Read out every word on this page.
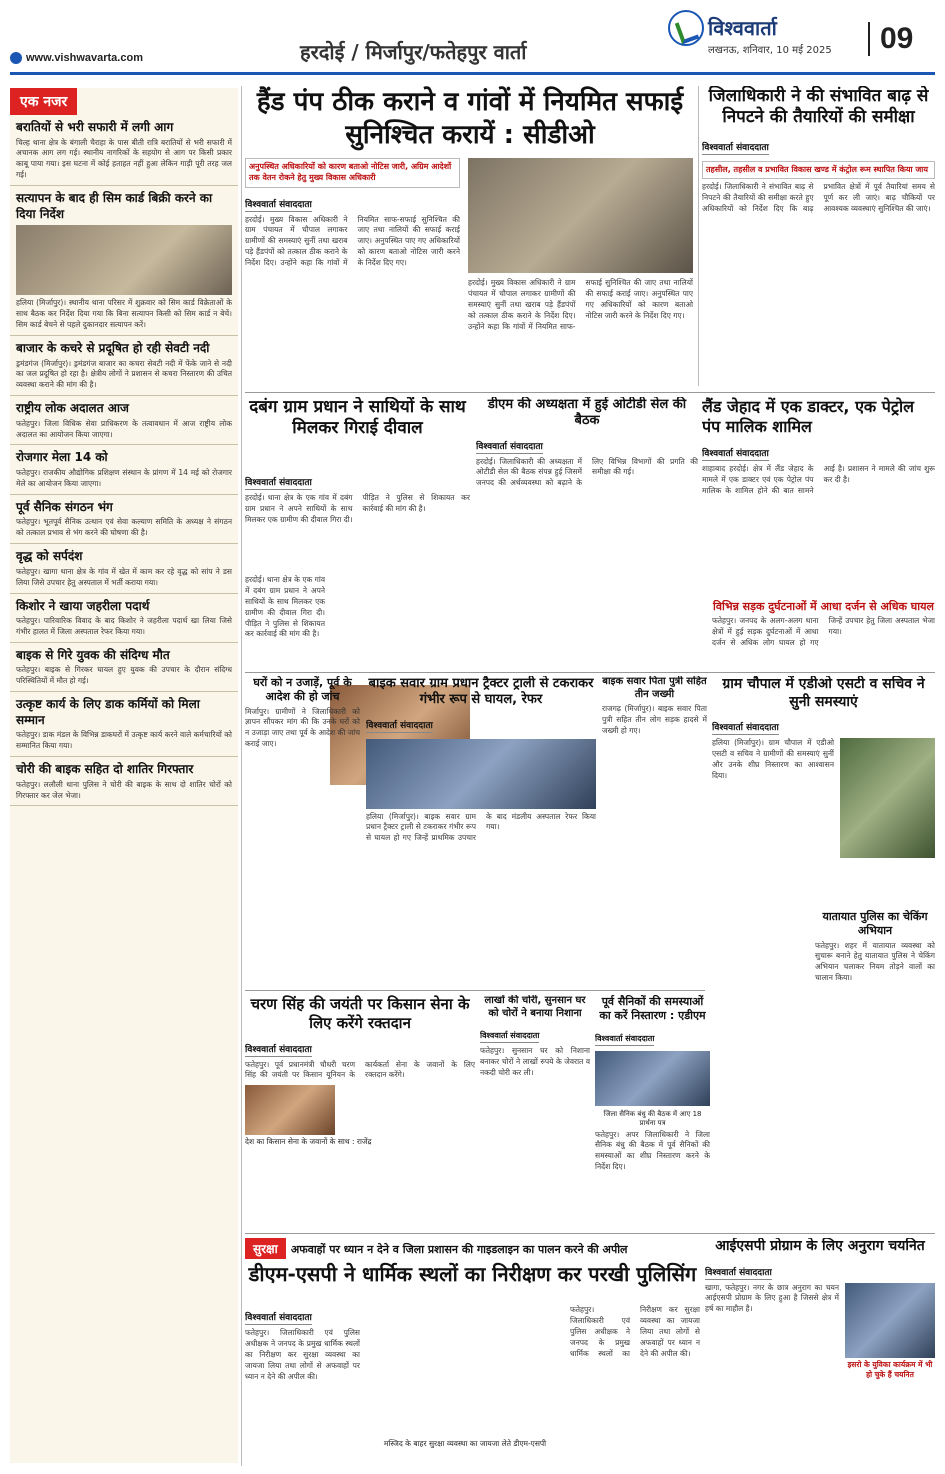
www.vishwavarta.com	हरदोई / मिर्जापुर/फतेहपुर वार्ता
विश्ववार्ता
लखनऊ, शनिवार, 10 मई 2025	09
एक नजर
बरातियों से भरी सफारी में लगी आग
चिल्ह थाना क्षेत्र के बंगाली चैराहा के पास बीती रात्रि बरातियों से भरी सफारी में अचानक आग लग गई। स्थानीय नागरिकों के सहयोग से आग पर किसी प्रकार काबू पाया गया। इस घटना में कोई हताहत नहीं हुआ लेकिन गाड़ी पूरी तरह जल गई।
सत्यापन के बाद ही सिम कार्ड बिक्री करने का दिया निर्देश
हलिया (मिर्जापुर)। स्थानीय थाना परिसर में शुक्रवार को सिम कार्ड विक्रेताओं के साथ बैठक कर निर्देश दिया गया कि बिना सत्यापन किसी को सिम कार्ड न बेचें। सिम कार्ड बेचने से पहले दुकानदार सत्यापन करें।
बाजार के कचरे से प्रदूषित हो रही सेवटी नदी
ड्रमंडगंज (मिर्जापुर)। ड्रमंडगंज बाजार का कचरा सेवटी नदी में फेंके जाने से नदी का जल प्रदूषित हो रहा है। क्षेत्रीय लोगों ने प्रशासन से कचरा निस्तारण की उचित व्यवस्था कराने की मांग की है।
राष्ट्रीय लोक अदालत आज
फतेहपुर। जिला विधिक सेवा प्राधिकरण के तत्वावधान में आज राष्ट्रीय लोक अदालत का आयोजन किया जाएगा।
रोजगार मेला 14 को
फतेहपुर। राजकीय औद्योगिक प्रशिक्षण संस्थान के प्रांगण में 14 मई को रोजगार मेले का आयोजन किया जाएगा।
पूर्व सैनिक संगठन भंग
फतेहपुर। भूतपूर्व सैनिक उत्थान एवं सेवा कल्याण समिति के अध्यक्ष ने संगठन को तत्काल प्रभाव से भंग करने की घोषणा की है।
वृद्ध को सर्पदंश
फतेहपुर। खागा थाना क्षेत्र के गांव में खेत में काम कर रहे वृद्ध को सांप ने डस लिया जिसे उपचार हेतु अस्पताल में भर्ती कराया गया।
किशोर ने खाया जहरीला पदार्थ
फतेहपुर। पारिवारिक विवाद के बाद किशोर ने जहरीला पदार्थ खा लिया जिसे गंभीर हालत में जिला अस्पताल रेफर किया गया।
बाइक से गिरे युवक की संदिग्ध मौत
फतेहपुर। बाइक से गिरकर घायल हुए युवक की उपचार के दौरान संदिग्ध परिस्थितियों में मौत हो गई।
उत्कृष्ट कार्य के लिए डाक कर्मियों को मिला सम्मान
फतेहपुर। डाक मंडल के विभिन्न डाकघरों में उत्कृष्ट कार्य करने वाले कर्मचारियों को सम्मानित किया गया।
चोरी की बाइक सहित दो शातिर गिरफ्तार
फतेहपुर। ललौली थाना पुलिस ने चोरी की बाइक के साथ दो शातिर चोरों को गिरफ्तार कर जेल भेजा।
हैंड पंप ठीक कराने व गांवों में नियमित सफाई सुनिश्चित करायें : सीडीओ
अनुपस्थित अधिकारियों को कारण बताओ नोटिस जारी, अग्रिम आदेशों तक वेतन रोकने हेतु मुख्य विकास अधिकारी
विश्ववार्ता संवाददाता
हरदोई। मुख्य विकास अधिकारी ने ग्राम पंचायत में चौपाल लगाकर ग्रामीणों की समस्याएं सुनीं तथा खराब पड़े हैंडपंपों को तत्काल ठीक कराने के निर्देश दिए। उन्होंने कहा कि गांवों में नियमित साफ-सफाई सुनिश्चित की जाए तथा नालियों की सफाई कराई जाए। अनुपस्थित पाए गए अधिकारियों को कारण बताओ नोटिस जारी करने के निर्देश दिए गए।
हरदोई। मुख्य विकास अधिकारी ने ग्राम पंचायत में चौपाल लगाकर ग्रामीणों की समस्याएं सुनीं तथा खराब पड़े हैंडपंपों को तत्काल ठीक कराने के निर्देश दिए। उन्होंने कहा कि गांवों में नियमित साफ-सफाई सुनिश्चित की जाए तथा नालियों की सफाई कराई जाए। अनुपस्थित पाए गए अधिकारियों को कारण बताओ नोटिस जारी करने के निर्देश दिए गए।
जिलाधिकारी ने की संभावित बाढ़ से निपटने की तैयारियों की समीक्षा
विश्ववार्ता संवाददाता
तहसील, तहसील व प्रभावित विकास खण्ड में कंट्रोल रूम स्थापित किया जाय
हरदोई। जिलाधिकारी ने संभावित बाढ़ से निपटने की तैयारियों की समीक्षा करते हुए अधिकारियों को निर्देश दिए कि बाढ़ प्रभावित क्षेत्रों में पूर्व तैयारियां समय से पूर्ण कर ली जाएं। बाढ़ चौकियों पर आवश्यक व्यवस्थाएं सुनिश्चित की जाएं।
दबंग ग्राम प्रधान ने साथियों के साथ मिलकर गिराई दीवाल
विश्ववार्ता संवाददाता
हरदोई। थाना क्षेत्र के एक गांव में दबंग ग्राम प्रधान ने अपने साथियों के साथ मिलकर एक ग्रामीण की दीवाल गिरा दी। पीड़ित ने पुलिस से शिकायत कर कार्रवाई की मांग की है।
हरदोई। थाना क्षेत्र के एक गांव में दबंग ग्राम प्रधान ने अपने साथियों के साथ मिलकर एक ग्रामीण की दीवाल गिरा दी। पीड़ित ने पुलिस से शिकायत कर कार्रवाई की मांग की है।
डीएम की अध्यक्षता में हुई ओटीडी सेल की बैठक
विश्ववार्ता संवाददाता
हरदोई। जिलाधिकारी की अध्यक्षता में ओटीडी सेल की बैठक संपन्न हुई जिसमें जनपद की अर्थव्यवस्था को बढ़ाने के लिए विभिन्न विभागों की प्रगति की समीक्षा की गई।
लैंड जेहाद में एक डाक्टर, एक पेट्रोल पंप मालिक शामिल
विश्ववार्ता संवाददाता
शाहाबाद हरदोई। क्षेत्र में लैंड जेहाद के मामले में एक डाक्टर एवं एक पेट्रोल पंप मालिक के शामिल होने की बात सामने आई है। प्रशासन ने मामले की जांच शुरू कर दी है।
घरों को न उजाड़ें, पूर्व के आदेश की हो जांच
मिर्जापुर। ग्रामीणों ने जिलाधिकारी को ज्ञापन सौंपकर मांग की कि उनके घरों को न उजाड़ा जाए तथा पूर्व के आदेश की जांच कराई जाए।
बाइक सवार ग्राम प्रधान ट्रैक्टर ट्राली से टकराकर गंभीर रूप से घायल, रेफर
विश्ववार्ता संवाददाता
हलिया (मिर्जापुर)। बाइक सवार ग्राम प्रधान ट्रैक्टर ट्राली से टकराकर गंभीर रूप से घायल हो गए जिन्हें प्राथमिक उपचार के बाद मंडलीय अस्पताल रेफर किया गया।
बाइक सवार पिता पुत्री सहित तीन जख्मी
राजगढ़ (मिर्जापुर)। बाइक सवार पिता पुत्री सहित तीन लोग सड़क हादसे में जख्मी हो गए।
विभिन्न सड़क दुर्घटनाओं में आधा दर्जन से अधिक घायल
फतेहपुर। जनपद के अलग-अलग थाना क्षेत्रों में हुई सड़क दुर्घटनाओं में आधा दर्जन से अधिक लोग घायल हो गए जिन्हें उपचार हेतु जिला अस्पताल भेजा गया।
ग्राम चौपाल में एडीओ एसटी व सचिव ने सुनी समस्याएं
विश्ववार्ता संवाददाता
हलिया (मिर्जापुर)। ग्राम चौपाल में एडीओ एसटी व सचिव ने ग्रामीणों की समस्याएं सुनीं और उनके शीघ्र निस्तारण का आश्वासन दिया।
चरण सिंह की जयंती पर किसान सेना के लिए करेंगे रक्तदान
विश्ववार्ता संवाददाता
फतेहपुर। पूर्व प्रधानमंत्री चौधरी चरण सिंह की जयंती पर किसान यूनियन के कार्यकर्ता सेना के जवानों के लिए रक्तदान करेंगे।
देश का किसान सेना के जवानों के साथ : राजेंद्र
लाखों की चोरी, सुनसान घर को चोरों ने बनाया निशाना
विश्ववार्ता संवाददाता
फतेहपुर। सुनसान घर को निशाना बनाकर चोरों ने लाखों रुपये के जेवरात व नकदी चोरी कर ली।
पूर्व सैनिकों की समस्याओं का करें निस्तारण : एडीएम
विश्ववार्ता संवाददाता
जिला सैनिक बंधु की बैठक में आए 18 प्रार्थना पत्र
फतेहपुर। अपर जिलाधिकारी ने जिला सैनिक बंधु की बैठक में पूर्व सैनिकों की समस्याओं का शीघ्र निस्तारण करने के निर्देश दिए।
यातायात पुलिस का चेकिंग अभियान
फतेहपुर। शहर में यातायात व्यवस्था को सुचारू बनाने हेतु यातायात पुलिस ने चेकिंग अभियान चलाकर नियम तोड़ने वालों का चालान किया।
सुरक्षा अफवाहों पर ध्यान न देने व जिला प्रशासन की गाइडलाइन का पालन करने की अपील
डीएम-एसपी ने धार्मिक स्थलों का निरीक्षण कर परखी पुलिसिंग
विश्ववार्ता संवाददाता
फतेहपुर। जिलाधिकारी एवं पुलिस अधीक्षक ने जनपद के प्रमुख धार्मिक स्थलों का निरीक्षण कर सुरक्षा व्यवस्था का जायजा लिया तथा लोगों से अफवाहों पर ध्यान न देने की अपील की।
मस्जिद के बाहर सुरक्षा व्यवस्था का जायजा लेते डीएम-एसपी
फतेहपुर। जिलाधिकारी एवं पुलिस अधीक्षक ने जनपद के प्रमुख धार्मिक स्थलों का निरीक्षण कर सुरक्षा व्यवस्था का जायजा लिया तथा लोगों से अफवाहों पर ध्यान न देने की अपील की।
आईएसपी प्रोग्राम के लिए अनुराग चयनित
विश्ववार्ता संवाददाता
खागा, फतेहपुर। नगर के छात्र अनुराग का चयन आईएसपी प्रोग्राम के लिए हुआ है जिससे क्षेत्र में हर्ष का माहौल है।
इसरो के युविका कार्यक्रम में भी हो चुके हैं चयनित
